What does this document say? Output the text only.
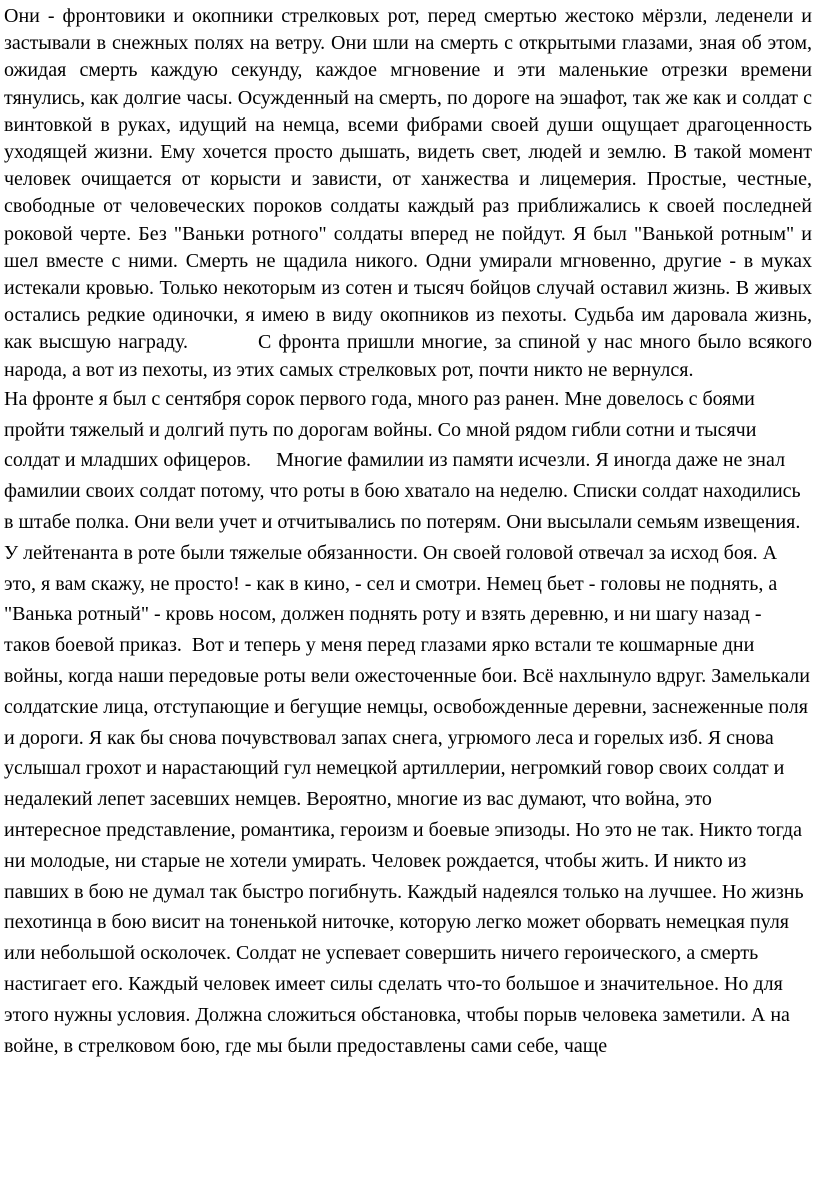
Они - фронтовики и окопники стрелковых рот, перед смертью жестоко мёрзли, леденели и застывали в снежных полях на ветру. Они шли на смерть с открытыми глазами, зная об этом, ожидая смерть каждую секунду, каждое мгновение и эти маленькие отрезки времени тянулись, как долгие часы. Осужденный на смерть, по дороге на эшафот, так же как и солдат с винтовкой в руках, идущий на немца, всеми фибрами своей души ощущает драгоценность уходящей жизни. Ему хочется просто дышать, видеть свет, людей и землю. В такой момент человек очищается от корысти и зависти, от ханжества и лицемерия. Простые, честные, свободные от человеческих пороков солдаты каждый раз приближались к своей последней роковой черте. Без "Ваньки ротного" солдаты вперед не пойдут. Я был "Ванькой ротным" и шел вместе с ними. Смерть не щадила никого. Одни умирали мгновенно, другие - в муках истекали кровью. Только некоторым из сотен и тысяч бойцов случай оставил жизнь. В живых остались редкие одиночки, я имею в виду окопников из пехоты. Судьба им даровала жизнь, как высшую награду.	С фронта пришли многие, за спиной у нас много было всякого народа, а вот из пехоты, из этих самых стрелковых рот, почти никто не вернулся.

На фронте я был с сентября сорок первого года, много раз ранен. Мне довелось с боями пройти тяжелый и долгий путь по дорогам войны. Со мной рядом гибли сотни и тысячи солдат и младших офицеров. Многие фамилии из памяти исчезли. Я иногда даже не знал фамилии своих солдат потому, что роты в бою хватало на неделю. Списки солдат находились в штабе полка. Они вели учет и отчитывались по потерям. Они высылали семьям извещения. У лейтенанта в роте были тяжелые обязанности. Он своей головой отвечал за исход боя. А это, я вам скажу, не просто! - как в кино, - сел и смотри. Немец бьет - головы не поднять, а "Ванька ротный" - кровь носом, должен поднять роту и взять деревню, и ни шагу назад - таков боевой приказ. Вот и теперь у меня перед глазами ярко встали те кошмарные дни войны, когда наши передовые роты вели ожесточенные бои. Всё нахлынуло вдруг. Замелькали солдатские лица, отступающие и бегущие немцы, освобожденные деревни, заснеженные поля и дороги. Я как бы снова почувствовал запах снега, угрюмого леса и горелых изб. Я снова услышал грохот и нарастающий гул немецкой артиллерии, негромкий говор своих солдат и недалекий лепет засевших немцев. Вероятно, многие из вас думают, что война, это интересное представление, романтика, героизм и боевые эпизоды. Но это не так. Никто тогда ни молодые, ни старые не хотели умирать. Человек рождается, чтобы жить. И никто из павших в бою не думал так быстро погибнуть. Каждый надеялся только на лучшее. Но жизнь пехотинца в бою висит на тоненькой ниточке, которую легко может оборвать немецкая пуля или небольшой осколочек. Солдат не успевает совершить ничего героического, а смерть настигает его. Каждый человек имеет силы сделать что-то большое и значительное. Но для этого нужны условия. Должна сложиться обстановка, чтобы порыв человека заметили. А на войне, в стрелковом бою, где мы были предоставлены сами себе, чаще
